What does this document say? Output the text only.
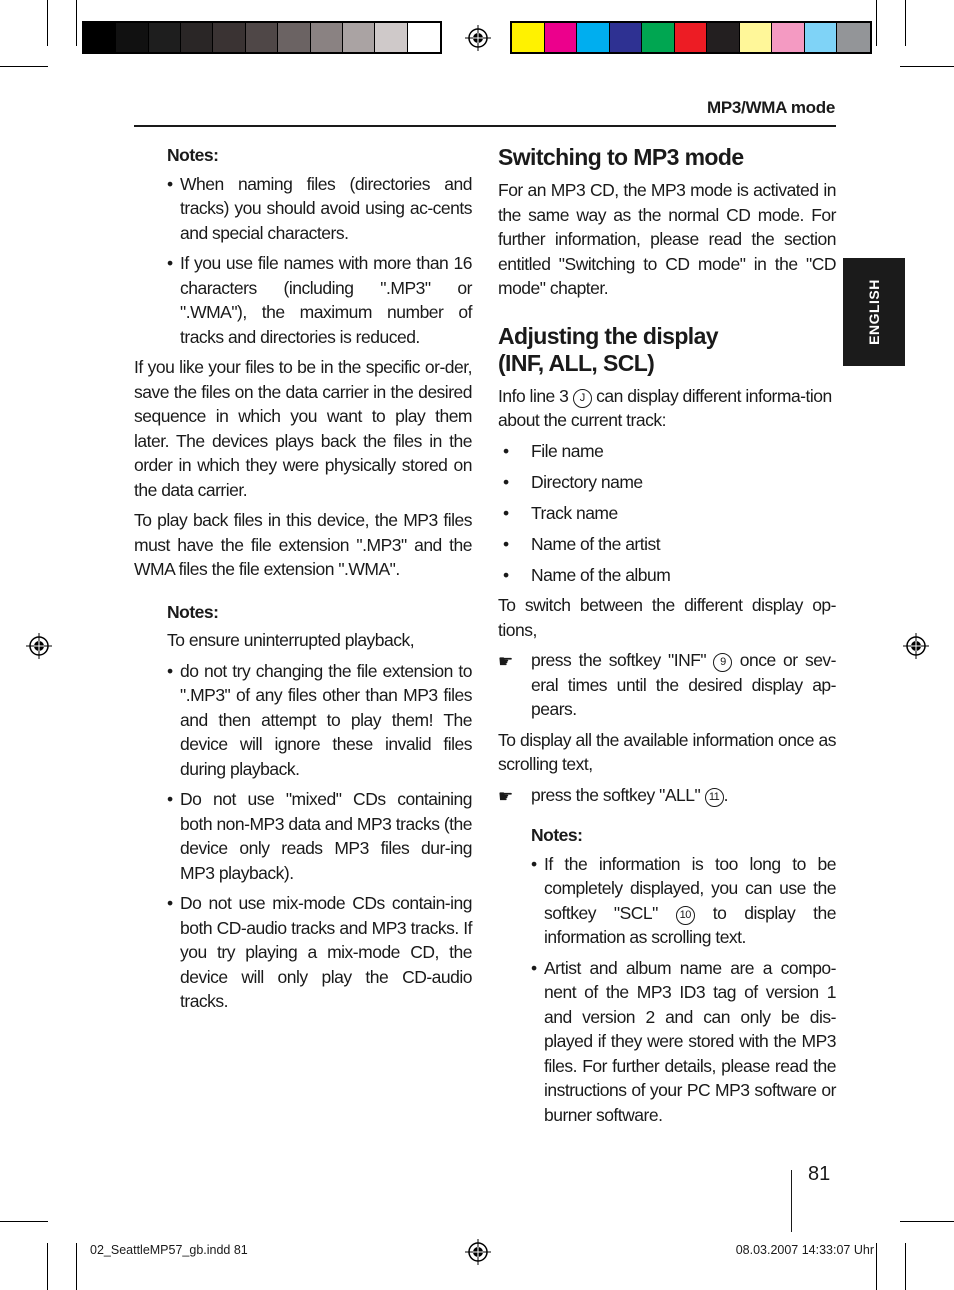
MP3/WMA mode
ENGLISH

Notes:

• When naming files (directories and tracks) you should avoid using ac-cents and special characters.
• If you use file names with more than 16 characters (including ".MP3" or ".WMA"), the maximum number of tracks and directories is reduced.

If you like your files to be in the specific or-der, save the files on the data carrier in the desired sequence in which you want to play them later. The devices plays back the files in the order in which they were physically stored on the data carrier.

To play back files in this device, the MP3 files must have the file extension ".MP3" and the WMA files the file extension ".WMA".

Notes:

To ensure uninterrupted playback,

• do not try changing the file extension to ".MP3" of any files other than MP3 files and then attempt to play them! The device will ignore these invalid files during playback.
• Do not use "mixed" CDs containing both non-MP3 data and MP3 tracks (the device only reads MP3 files dur-ing MP3 playback).
• Do not use mix-mode CDs contain-ing both CD-audio tracks and MP3 tracks. If you try playing a mix-mode CD, the device will only play the CD-audio tracks.
Switching to MP3 mode

For an MP3 CD, the MP3 mode is activated in the same way as the normal CD mode. For further information, please read the section entitled "Switching to CD mode" in the "CD mode" chapter.

Adjusting the display
(INF, ALL, SCL)

Info line 3 J can display different informa-tion about the current track:

• File name
• Directory name
• Track name
• Name of the artist
• Name of the album

To switch between the different display op-tions,

☛ press the softkey "INF" 9 once or sev-eral times until the desired display ap-pears.

To display all the available information once as scrolling text,

☛ press the softkey "ALL" 11 .

Notes:

• If the information is too long to be completely displayed, you can use the softkey "SCL" 10 to display the information as scrolling text.
• Artist and album name are a compo-nent of the MP3 ID3 tag of version 1 and version 2 and can only be dis-played if they were stored with the MP3 files. For further details, please read the instructions of your PC MP3 software or burner software.
81
02_SeattleMP57_gb.indd 81	08.03.2007 14:33:07 Uhr
